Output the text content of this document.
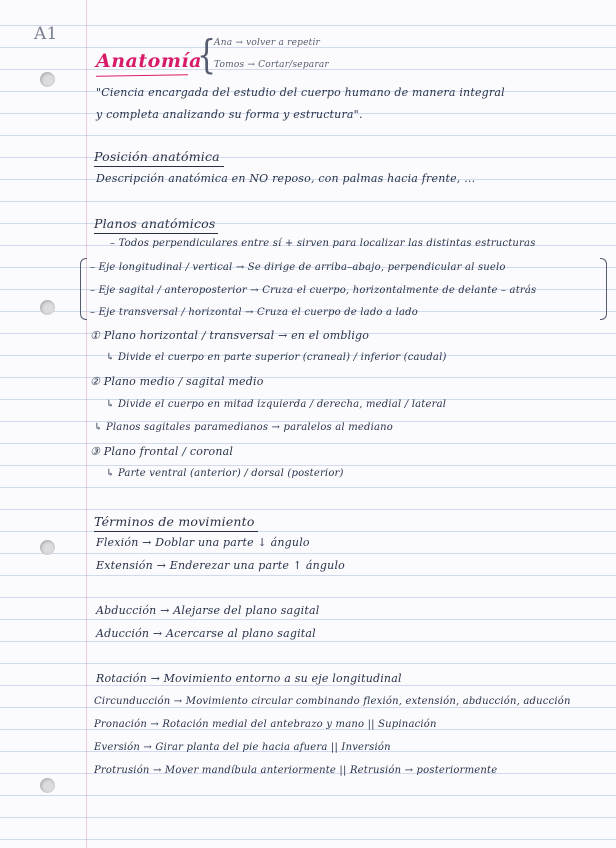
A1
Anatomía
{
Ana → volver a repetir
Tomos → Cortar/separar
"Ciencia encargada del estudio del cuerpo humano de manera integral
y completa analizando su forma y estructura".
Posición anatómica
Descripción anatómica en NO reposo, con palmas hacia frente, ...
Planos anatómicos
– Todos perpendiculares entre sí + sirven para localizar las distintas estructuras
– Eje longitudinal / vertical → Se dirige de arriba–abajo, perpendicular al suelo
– Eje sagital / anteroposterior → Cruza el cuerpo, horizontalmente de delante – atrás
– Eje transversal / horizontal → Cruza el cuerpo de lado a lado
① Plano horizontal / transversal → en el ombligo
↳ Divide el cuerpo en parte superior (craneal) / inferior (caudal)
② Plano medio / sagital medio
↳ Divide el cuerpo en mitad izquierda / derecha, medial / lateral
↳ Planos sagitales paramedianos → paralelos al mediano
③ Plano frontal / coronal
↳ Parte ventral (anterior) / dorsal (posterior)
Términos de movimiento
Flexión → Doblar una parte ↓ ángulo
Extensión → Enderezar una parte ↑ ángulo
Abducción → Alejarse del plano sagital
Aducción → Acercarse al plano sagital
Rotación → Movimiento entorno a su eje longitudinal
Circunducción → Movimiento circular combinando flexión, extensión, abducción, aducción
Pronación → Rotación medial del antebrazo y mano || Supinación
Eversión → Girar planta del pie hacia afuera || Inversión
Protrusión → Mover mandíbula anteriormente || Retrusión → posteriormente
